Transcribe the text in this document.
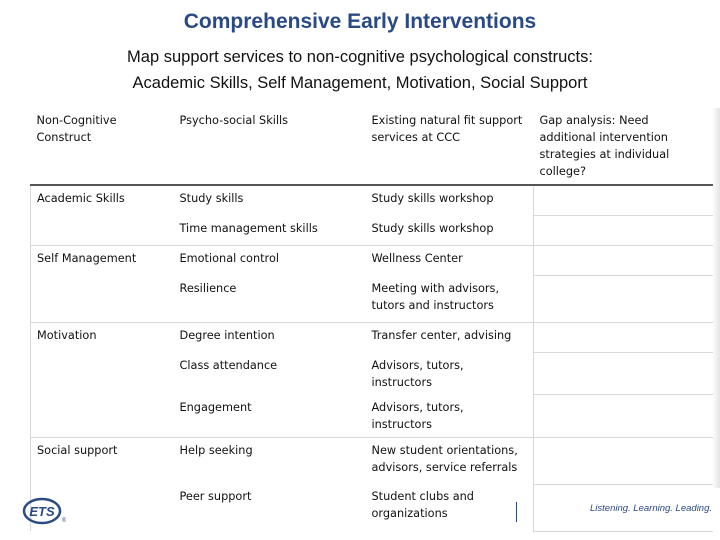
Comprehensive Early Interventions
Map support services to non-cognitive psychological constructs:
Academic Skills, Self Management, Motivation, Social Support
Non-Cognitive Construct	Psycho-social Skills	Existing natural fit support services at CCC	Gap analysis: Need additional intervention strategies at individual college?
Academic Skills	Study skills	Study skills workshop	
	Time management skills	Study skills workshop	
Self Management	Emotional control	Wellness Center	
	Resilience	Meeting with advisors, tutors and instructors	
Motivation	Degree intention	Transfer center, advising	
	Class attendance	Advisors, tutors, instructors	
	Engagement	Advisors, tutors, instructors	
Social support	Help seeking	New student orientations, advisors, service referrals	
	Peer support	Student clubs and organizations	
ETS
®
Listening. Learning. Leading.
